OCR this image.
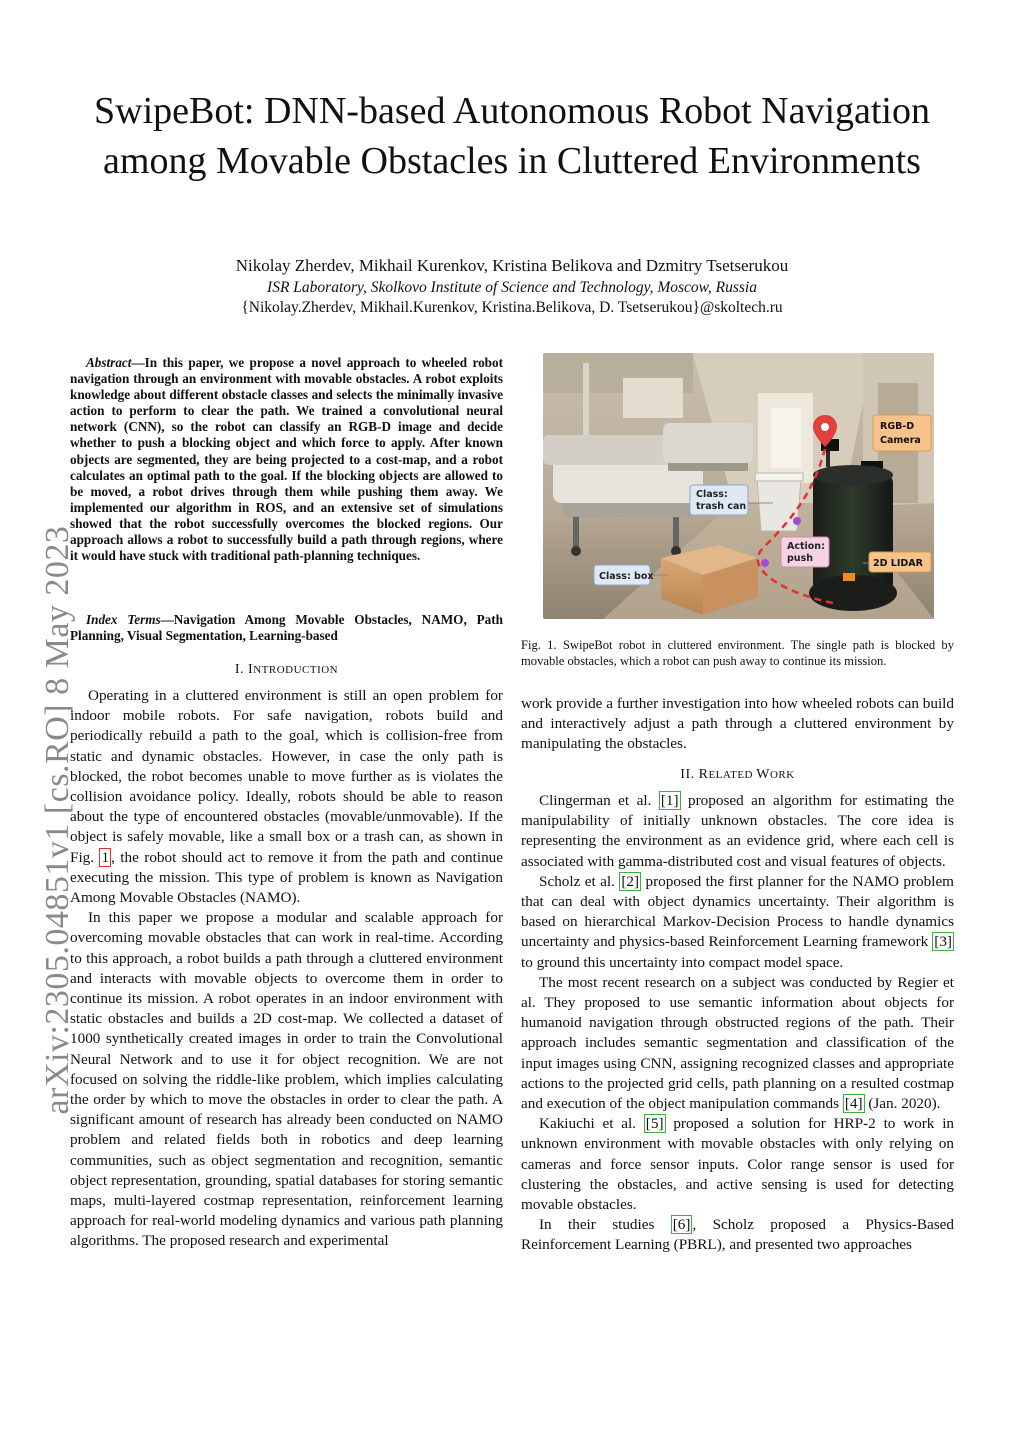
arXiv:2305.04851v1 [cs.RO] 8 May 2023
SwipeBot: DNN-based Autonomous Robot Navigation among Movable Obstacles in Cluttered Environments
Nikolay Zherdev, Mikhail Kurenkov, Kristina Belikova and Dzmitry Tsetserukou
ISR Laboratory, Skolkovo Institute of Science and Technology, Moscow, Russia
{Nikolay.Zherdev, Mikhail.Kurenkov, Kristina.Belikova, D. Tsetserukou}@skoltech.ru
Abstract—In this paper, we propose a novel approach to wheeled robot navigation through an environment with movable obstacles. A robot exploits knowledge about different obstacle classes and selects the minimally invasive action to perform to clear the path. We trained a convolutional neural network (CNN), so the robot can classify an RGB-D image and decide whether to push a blocking object and which force to apply. After known objects are segmented, they are being projected to a cost-map, and a robot calculates an optimal path to the goal. If the blocking objects are allowed to be moved, a robot drives through them while pushing them away. We implemented our algorithm in ROS, and an extensive set of simulations showed that the robot successfully overcomes the blocked regions. Our approach allows a robot to successfully build a path through regions, where it would have stuck with traditional path-planning techniques.
Index Terms—Navigation Among Movable Obstacles, NAMO, Path Planning, Visual Segmentation, Learning-based
I. INTRODUCTION

Operating in a cluttered environment is still an open problem for indoor mobile robots. For safe navigation, robots build and periodically rebuild a path to the goal, which is collision-free from static and dynamic obstacles. However, in case the only path is blocked, the robot becomes unable to move further as is violates the collision avoidance policy. Ideally, robots should be able to reason about the type of encountered obstacles (movable/unmovable). If the object is safely movable, like a small box or a trash can, as shown in Fig. 1 , the robot should act to remove it from the path and continue executing the mission. This type of problem is known as Navigation Among Movable Obstacles (NAMO).

In this paper we propose a modular and scalable approach for overcoming movable obstacles that can work in real-time. According to this approach, a robot builds a path through a cluttered environment and interacts with movable objects to overcome them in order to continue its mission. A robot operates in an indoor environment with static obstacles and builds a 2D cost-map. We collected a dataset of 1000 synthetically created images in order to train the Convolutional Neural Network and to use it for object recognition. We are not focused on solving the riddle-like problem, which implies calculating the order by which to move the obstacles in order to clear the path. A significant amount of research has already been conducted on NAMO problem and related fields both in robotics and deep learning communities, such as object segmentation and recognition, semantic object representation, grounding, spatial databases for storing semantic maps, multi-layered costmap representation, reinforcement learning approach for real-world modeling dynamics and various path planning algorithms. The proposed research and experimental

RGB-D
Camera
Class:
trash can
Action:
push
Class: box
2D LIDAR
Fig. 1. SwipeBot robot in cluttered environment. The single path is blocked by movable obstacles, which a robot can push away to continue its mission.

work provide a further investigation into how wheeled robots can build and interactively adjust a path through a cluttered environment by manipulating the obstacles.

II. RELATED WORK

Clingerman et al. [1] proposed an algorithm for estimating the manipulability of initially unknown obstacles. The core idea is representing the environment as an evidence grid, where each cell is associated with gamma-distributed cost and visual features of objects.

Scholz et al. [2] proposed the first planner for the NAMO problem that can deal with object dynamics uncertainty. Their algorithm is based on hierarchical Markov-Decision Process to handle dynamics uncertainty and physics-based Reinforcement Learning framework [3] to ground this uncertainty into compact model space.

The most recent research on a subject was conducted by Regier et al. They proposed to use semantic information about objects for humanoid navigation through obstructed regions of the path. Their approach includes semantic segmentation and classification of the input images using CNN, assigning recognized classes and appropriate actions to the projected grid cells, path planning on a resulted costmap and execution of the object manipulation commands [4] (Jan. 2020).

Kakiuchi et al. [5] proposed a solution for HRP-2 to work in unknown environment with movable obstacles with only relying on cameras and force sensor inputs. Color range sensor is used for clustering the obstacles, and active sensing is used for detecting movable obstacles.

In their studies [6] , Scholz proposed a Physics-Based Reinforcement Learning (PBRL), and presented two approaches
